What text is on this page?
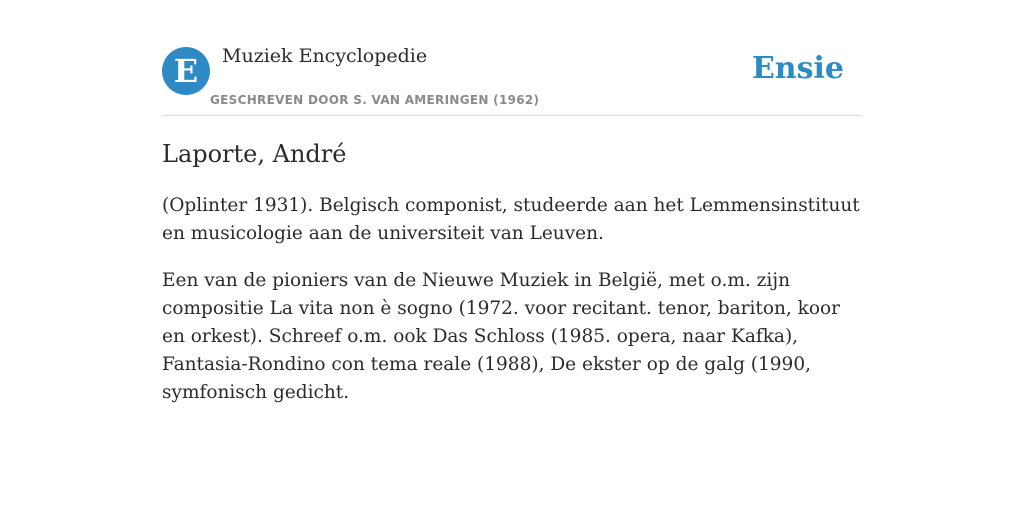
E	Muziek Encyclopedie
GESCHREVEN DOOR S. VAN AMERINGEN (1962)
Ensie
Laporte, André

(Oplinter 1931). Belgisch componist, studeerde aan het Lemmensinstituut en musicologie aan de universiteit van Leuven.

Een van de pioniers van de Nieuwe Muziek in België, met o.m. zijn compositie La vita non è sogno (1972. voor recitant. tenor, bariton, koor en orkest). Schreef o.m. ook Das Schloss (1985. opera, naar Kafka), Fantasia-Rondino con tema reale (1988), De ekster op de galg (1990, symfonisch gedicht.
